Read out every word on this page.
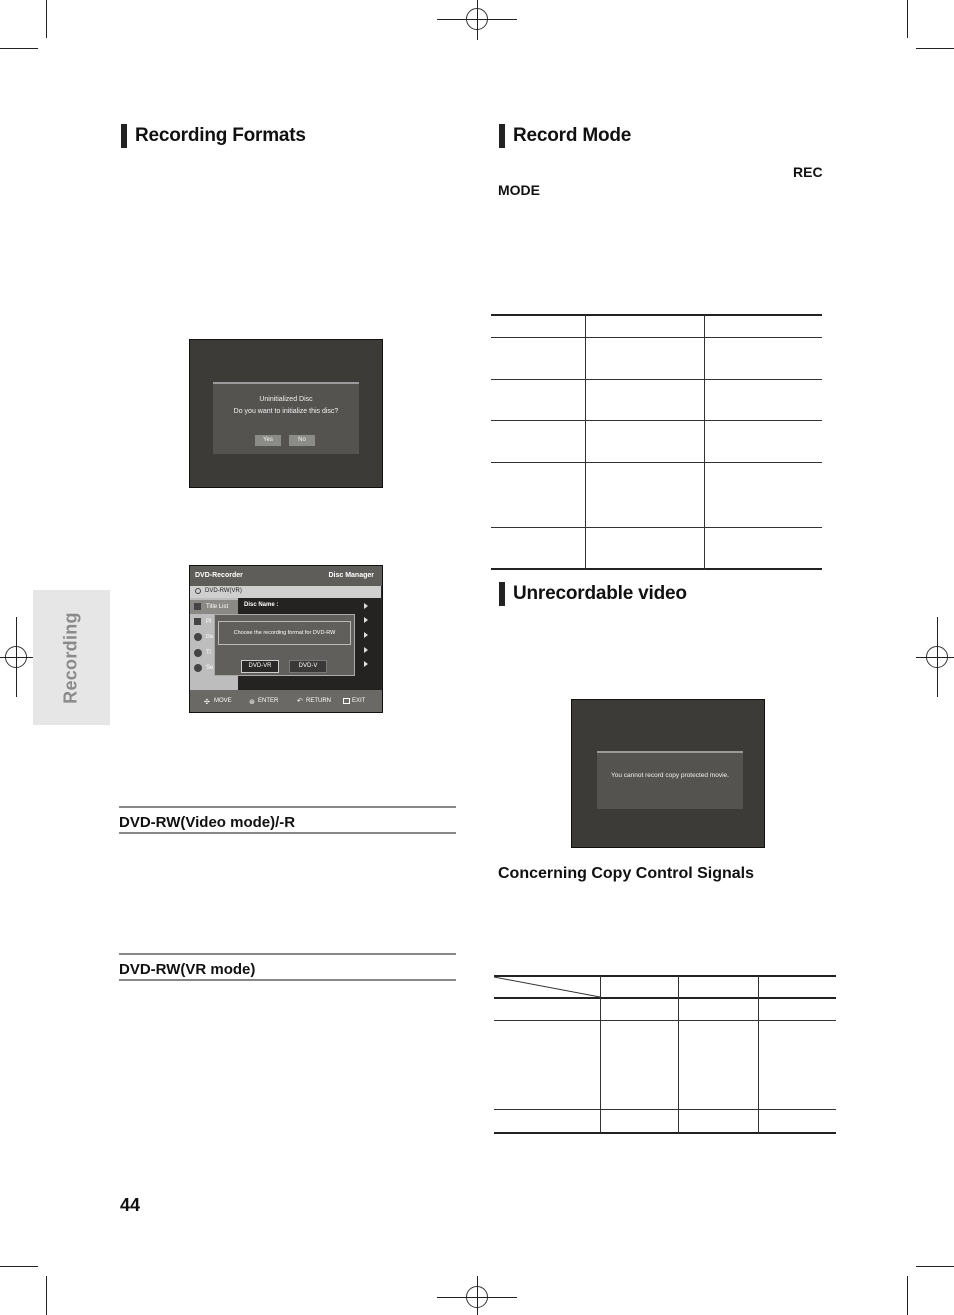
Recording
Recording Formats
Uninitialized Disc
Do you want to initialize this disc?
Yes	No
DVD-Recorder	Disc Manager
DVD-RW(VR)
Title List
Pl
Dis
Ti
Se
Disc Name :
Choose the recording format for DVD-RW
DVD-VR	DVD-V
✣ MOVE ⊛ ENTER	↶ RETURN	EXIT
DVD-RW(Video mode)/-R
DVD-RW(VR mode)
Record Mode
REC
MODE
Unrecordable video
You cannot record copy protected movie.
Concerning Copy Control Signals
44
